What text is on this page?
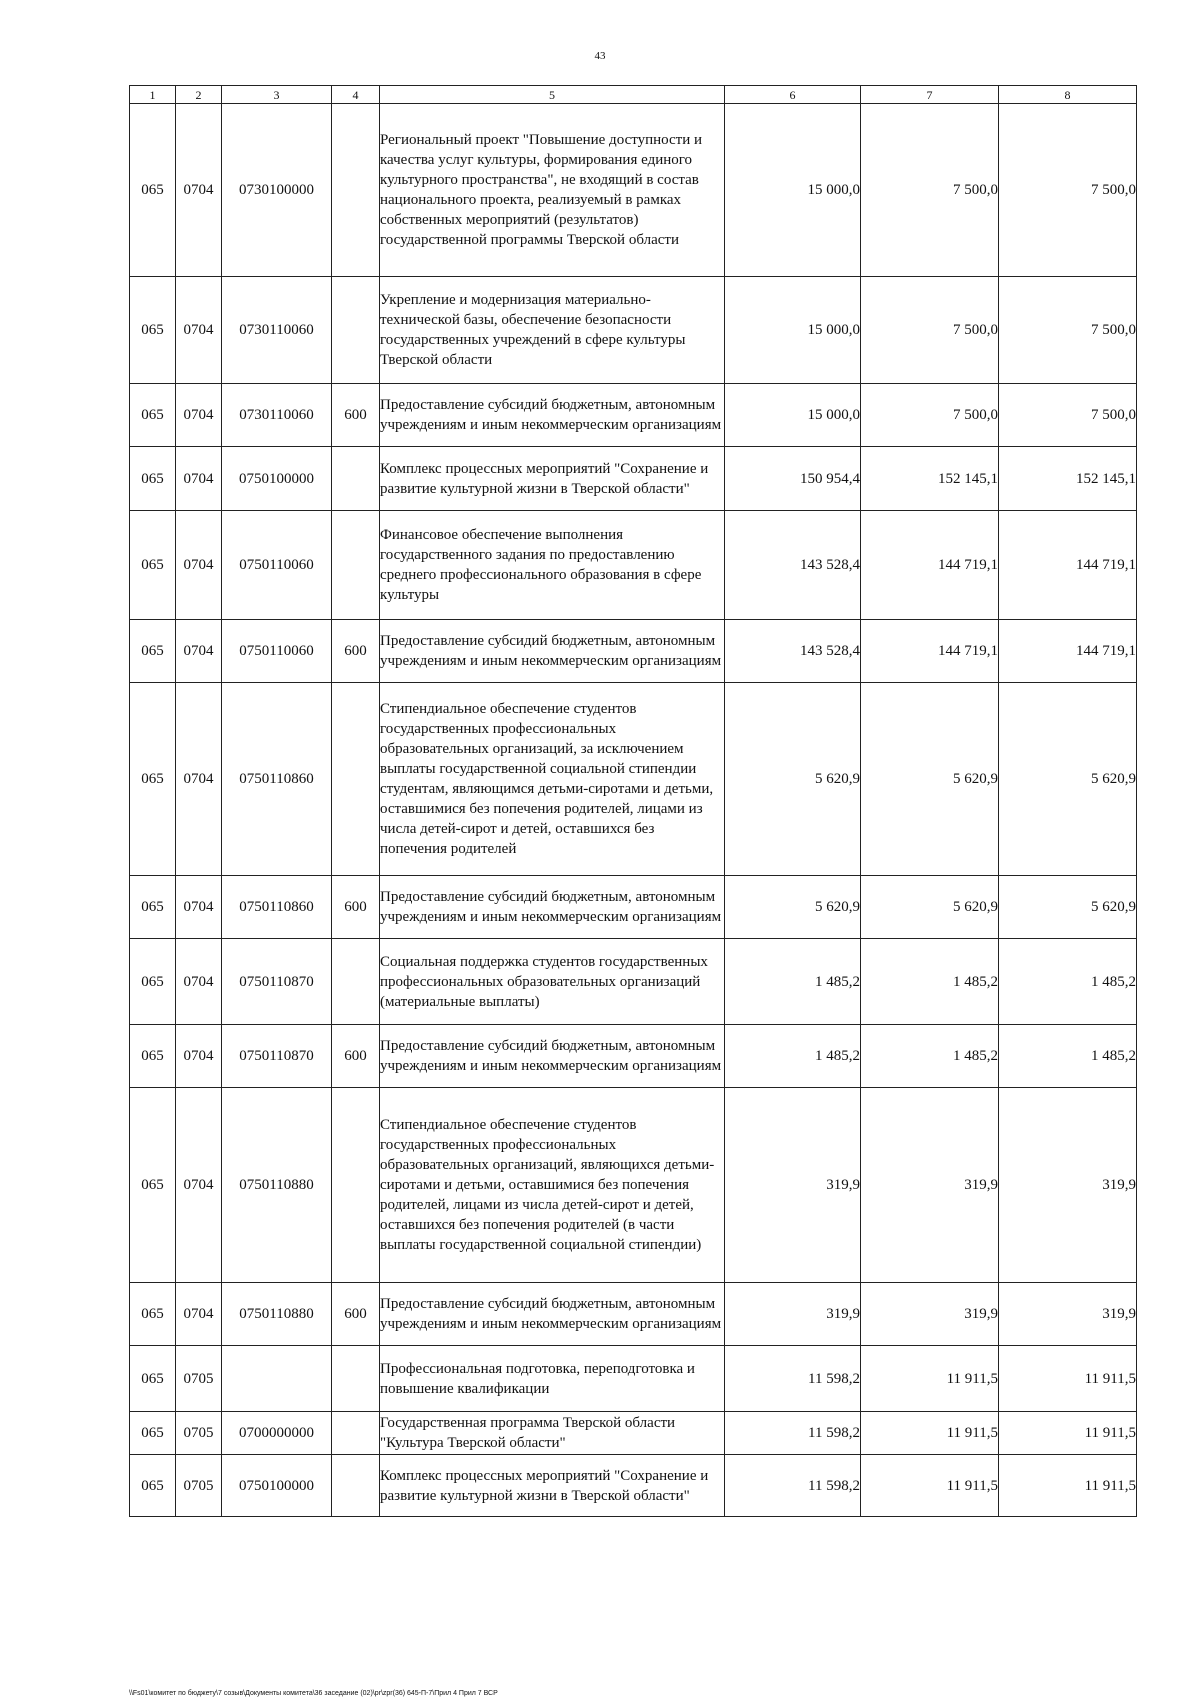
43
1	2	3	4	5	6	7	8
065	0704	0730100000		Региональный проект "Повышение доступности и качества услуг культуры, формирования единого культурного пространства", не входящий в состав национального проекта, реализуемый в рамках собственных мероприятий (результатов) государственной программы Тверской области	15 000,0	7 500,0	7 500,0
065	0704	0730110060		Укрепление и модернизация материально-технической базы, обеспечение безопасности государственных учреждений в сфере культуры Тверской области	15 000,0	7 500,0	7 500,0
065	0704	0730110060	600	Предоставление субсидий бюджетным, автономным учреждениям и иным некоммерческим организациям	15 000,0	7 500,0	7 500,0
065	0704	0750100000		Комплекс процессных мероприятий "Сохранение и развитие культурной жизни в Тверской области"	150 954,4	152 145,1	152 145,1
065	0704	0750110060		Финансовое обеспечение выполнения государственного задания по предоставлению среднего профессионального образования в сфере культуры	143 528,4	144 719,1	144 719,1
065	0704	0750110060	600	Предоставление субсидий бюджетным, автономным учреждениям и иным некоммерческим организациям	143 528,4	144 719,1	144 719,1
065	0704	0750110860		Стипендиальное обеспечение студентов государственных профессиональных образовательных организаций, за исключением выплаты государственной социальной стипендии студентам, являющимся детьми-сиротами и детьми, оставшимися без попечения родителей, лицами из числа детей-сирот и детей, оставшихся без попечения родителей	5 620,9	5 620,9	5 620,9
065	0704	0750110860	600	Предоставление субсидий бюджетным, автономным учреждениям и иным некоммерческим организациям	5 620,9	5 620,9	5 620,9
065	0704	0750110870		Социальная поддержка студентов государственных профессиональных образовательных организаций (материальные выплаты)	1 485,2	1 485,2	1 485,2
065	0704	0750110870	600	Предоставление субсидий бюджетным, автономным учреждениям и иным некоммерческим организациям	1 485,2	1 485,2	1 485,2
065	0704	0750110880		Стипендиальное обеспечение студентов государственных профессиональных образовательных организаций, являющихся детьми-сиротами и детьми, оставшимися без попечения родителей, лицами из числа детей-сирот и детей, оставшихся без попечения родителей (в части выплаты государственной социальной стипендии)	319,9	319,9	319,9
065	0704	0750110880	600	Предоставление субсидий бюджетным, автономным учреждениям и иным некоммерческим организациям	319,9	319,9	319,9
065	0705			Профессиональная подготовка, переподготовка и повышение квалификации	11 598,2	11 911,5	11 911,5
065	0705	0700000000		Государственная программа Тверской области "Культура Тверской области"	11 598,2	11 911,5	11 911,5
065	0705	0750100000		Комплекс процессных мероприятий "Сохранение и развитие культурной жизни в Тверской области"	11 598,2	11 911,5	11 911,5
\\Fs01\комитет по бюджету\7 созыв\Документы комитета\36 заседание (02)\pr\zpr(36) 645-П-7\Прил 4 Прил 7 ВСР
